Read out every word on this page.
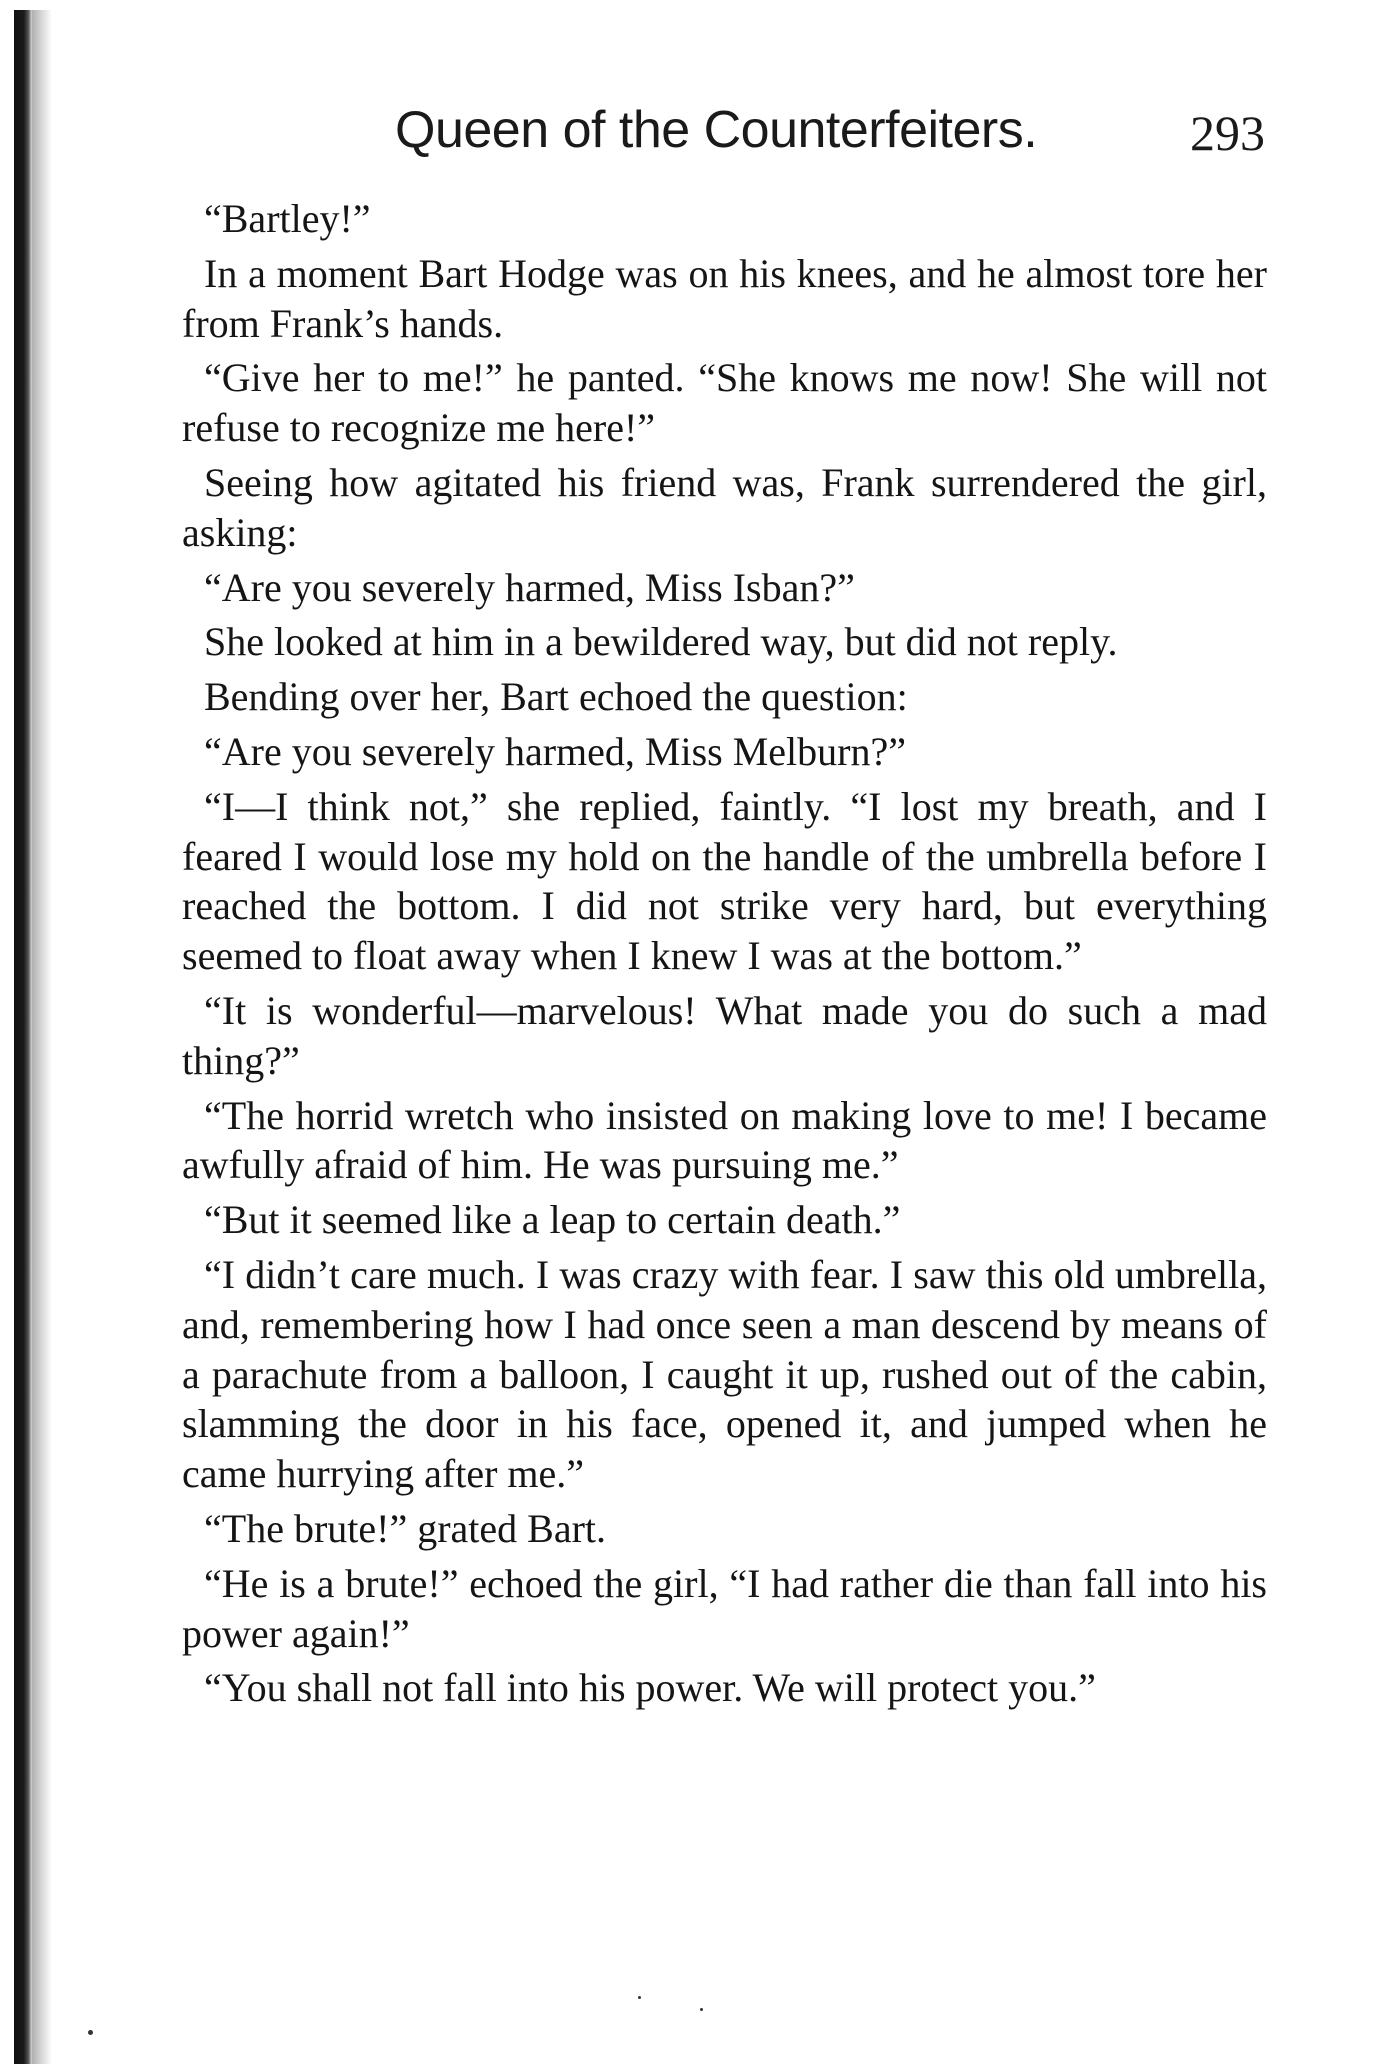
Queen of the Counterfeiters.	293

“Bartley!”

In a moment Bart Hodge was on his knees, and he almost tore her from Frank’s hands.

“Give her to me!” he panted. “She knows me now! She will not refuse to recognize me here!”

Seeing how agitated his friend was, Frank surrendered the girl, asking:

“Are you severely harmed, Miss Isban?”

She looked at him in a bewildered way, but did not reply.

Bending over her, Bart echoed the question:

“Are you severely harmed, Miss Melburn?”

“I—I think not,” she replied, faintly. “I lost my breath, and I feared I would lose my hold on the handle of the umbrella before I reached the bottom. I did not strike very hard, but everything seemed to float away when I knew I was at the bottom.”

“It is wonderful—marvelous! What made you do such a mad thing?”

“The horrid wretch who insisted on making love to me! I became awfully afraid of him. He was pursuing me.”

“But it seemed like a leap to certain death.”

“I didn’t care much. I was crazy with fear. I saw this old umbrella, and, remembering how I had once seen a man descend by means of a parachute from a balloon, I caught it up, rushed out of the cabin, slamming the door in his face, opened it, and jumped when he came hurrying after me.”

“The brute!” grated Bart.

“He is a brute!” echoed the girl, “I had rather die than fall into his power again!”

“You shall not fall into his power. We will protect you.”
